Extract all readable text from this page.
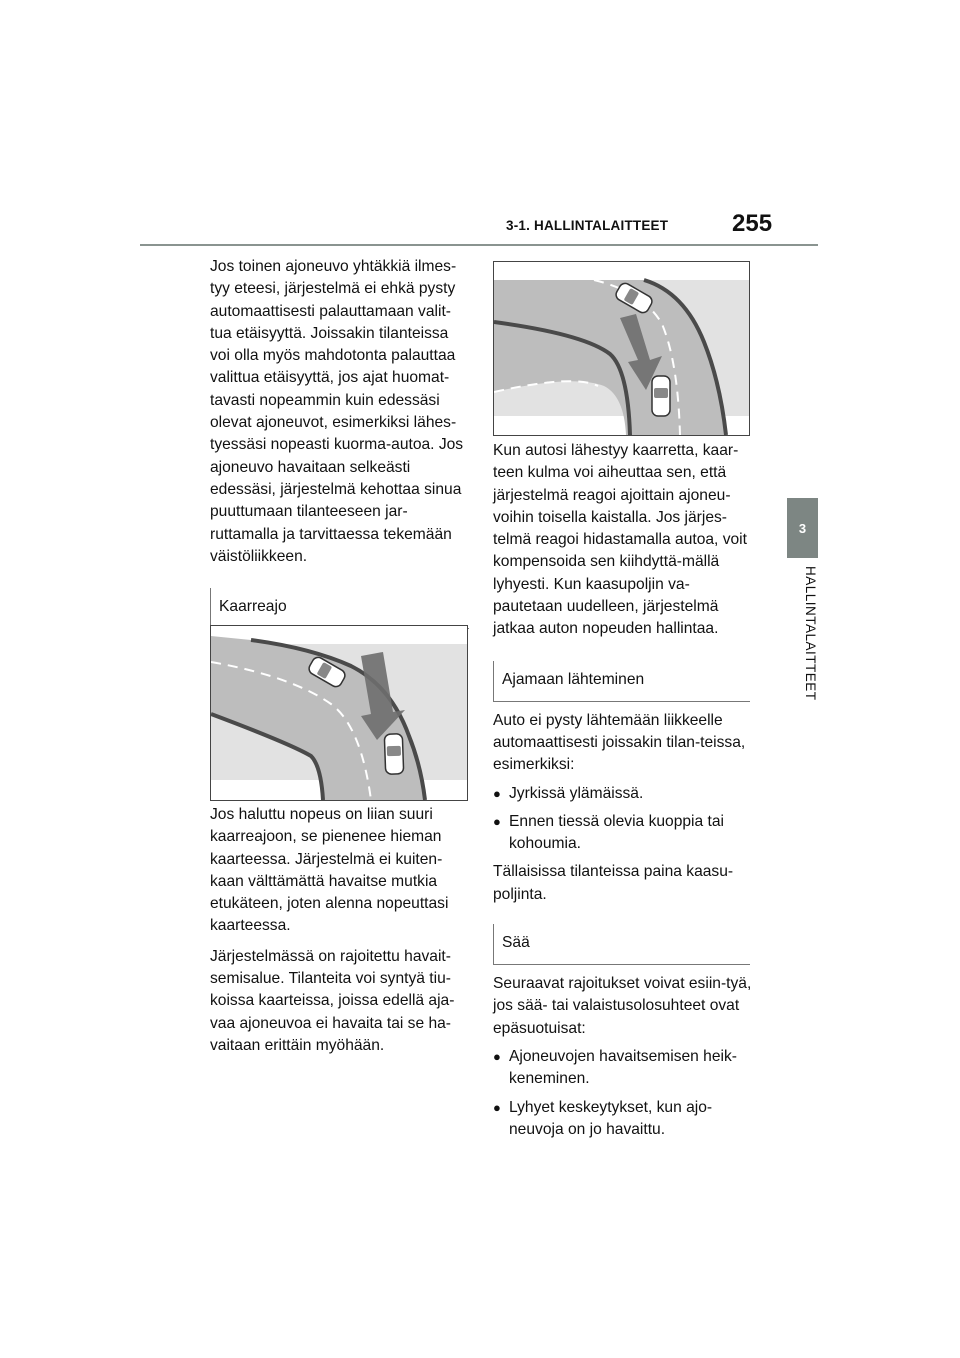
3-1. HALLINTALAITTEET	255
3
HALLINTALAITTEET

Jos toinen ajoneuvo yhtäkkiä ilmes-tyy eteesi, järjestelmä ei ehkä pysty automaattisesti palauttamaan valit-tua etäisyyttä. Joissakin tilanteissa voi olla myös mahdotonta palauttaa valittua etäisyyttä, jos ajat huomat-tavasti nopeammin kuin edessäsi olevat ajoneuvot, esimerkiksi lähes-tyessäsi nopeasti kuorma-autoa. Jos ajoneuvo havaitaan selkeästi edessäsi, järjestelmä kehottaa sinua puuttumaan tilanteeseen jar-ruttamalla ja tarvittaessa tekemään väistöliikkeen.

Kaarreajo

Jos haluttu nopeus on liian suuri kaarreajoon, se pienenee hieman kaarteessa. Järjestelmä ei kuiten-kaan välttämättä havaitse mutkia etukäteen, joten alenna nopeuttasi kaarteessa.

Järjestelmässä on rajoitettu havait-semisalue. Tilanteita voi syntyä tiu-koissa kaarteissa, joissa edellä aja-vaa ajoneuvoa ei havaita tai se ha-vaitaan erittäin myöhään.

Kun autosi lähestyy kaarretta, kaar-teen kulma voi aiheuttaa sen, että järjestelmä reagoi ajoittain ajoneu-voihin toisella kaistalla. Jos järjes-telmä reagoi hidastamalla autoa, voit kompensoida sen kiihdyttä-mällä lyhyesti. Kun kaasupoljin va-pautetaan uudelleen, järjestelmä jatkaa auton nopeuden hallintaa.

Ajamaan lähteminen

Auto ei pysty lähtemään liikkeelle automaattisesti joissakin tilan-teissa, esimerkiksi:

● Jyrkissä ylämäissä.
● Ennen tiessä olevia kuoppia tai kohoumia.

Tällaisissa tilanteissa paina kaasu-poljinta.

Sää

Seuraavat rajoitukset voivat esiin-tyä, jos sää- tai valaistusolosuhteet ovat epäsuotuisat:

● Ajoneuvojen havaitsemisen heik-keneminen.
● Lyhyet keskeytykset, kun ajo-neuvoja on jo havaittu.
